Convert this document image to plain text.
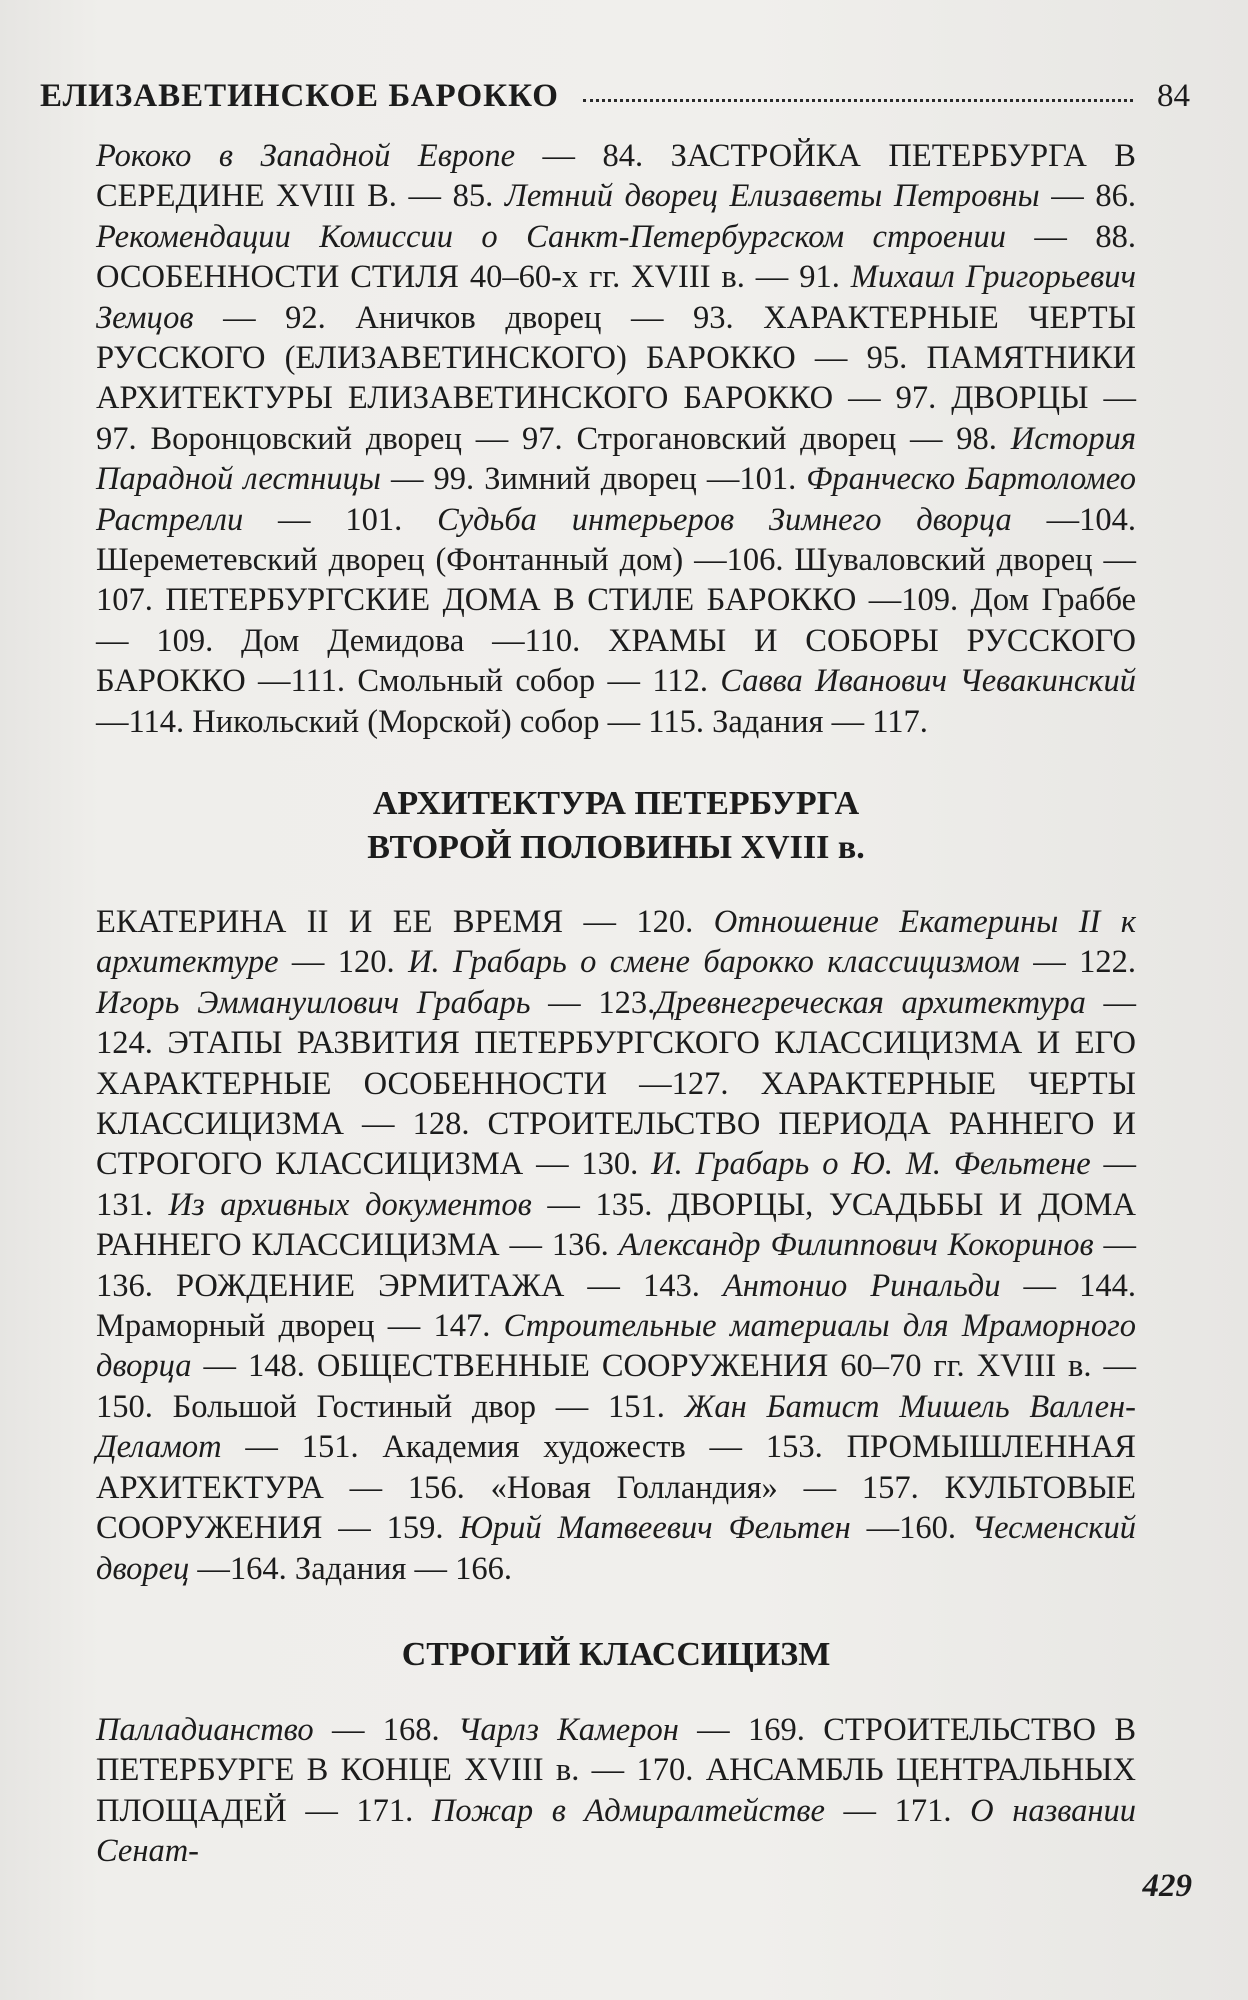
ЕЛИЗАВЕТИНСКОЕ БАРОККО	84
Рококо в Западной Европе — 84. ЗАСТРОЙКА ПЕТЕРБУРГА В СЕРЕДИНЕ XVIII В. — 85. Летний дворец Елизаветы Петровны — 86. Рекомендации Комиссии о Санкт-Петербургском строении — 88. ОСОБЕННОСТИ СТИЛЯ 40–60-х гг. XVIII в. — 91. Михаил Григорьевич Земцов — 92. Аничков дворец — 93. ХАРАКТЕРНЫЕ ЧЕРТЫ РУССКОГО (ЕЛИЗАВЕТИНСКОГО) БАРОККО — 95. ПАМЯТНИКИ АРХИТЕКТУРЫ ЕЛИЗАВЕТИНСКОГО БАРОККО — 97. ДВОРЦЫ — 97. Воронцовский дворец — 97. Строгановский дворец — 98. История Парадной лестницы — 99. Зимний дворец —101. Франческо Бартоломео Растрелли — 101. Судьба интерьеров Зимнего дворца —104. Шереметевский дворец (Фонтанный дом) —106. Шуваловский дворец —107. ПЕТЕРБУРГСКИЕ ДОМА В СТИЛЕ БАРОККО —109. Дом Граббе — 109. Дом Демидова —110. ХРАМЫ И СОБОРЫ РУССКОГО БАРОККО —111. Смольный собор — 112. Савва Иванович Чевакинский —114. Никольский (Морской) собор — 115. Задания — 117.
АРХИТЕКТУРА ПЕТЕРБУРГА
ВТОРОЙ ПОЛОВИНЫ XVIII в.
ЕКАТЕРИНА II И ЕЕ ВРЕМЯ — 120. Отношение Екатерины II к архитектуре — 120. И. Грабарь о смене барокко классицизмом — 122. Игорь Эммануилович Грабарь — 123.Древнегреческая архитектура — 124. ЭТАПЫ РАЗВИТИЯ ПЕТЕРБУРГСКОГО КЛАССИЦИЗМА И ЕГО ХАРАКТЕРНЫЕ ОСОБЕННОСТИ —127. ХАРАКТЕРНЫЕ ЧЕРТЫ КЛАССИЦИЗМА — 128. СТРОИТЕЛЬСТВО ПЕРИОДА РАННЕГО И СТРОГОГО КЛАССИЦИЗМА — 130. И. Грабарь о Ю. М. Фельтене — 131. Из архивных документов — 135. ДВОРЦЫ, УСАДЬБЫ И ДОМА РАННЕГО КЛАССИЦИЗМА — 136. Александр Филиппович Кокоринов — 136. РОЖДЕНИЕ ЭРМИТАЖА — 143. Антонио Ринальди — 144. Мраморный дворец — 147. Строительные материалы для Мраморного дворца — 148. ОБЩЕСТВЕННЫЕ СООРУЖЕНИЯ 60–70 гг. XVIII в. —150. Большой Гостиный двор — 151. Жан Батист Мишель Валлен-Деламот — 151. Академия художеств — 153. ПРОМЫШЛЕННАЯ АРХИТЕКТУРА — 156. «Новая Голландия» — 157. КУЛЬТОВЫЕ СООРУЖЕНИЯ — 159. Юрий Матвеевич Фельтен —160. Чесменский дворец —164. Задания — 166.
СТРОГИЙ КЛАССИЦИЗМ
Палладианство — 168. Чарлз Камерон — 169. СТРОИТЕЛЬСТВО В ПЕТЕРБУРГЕ В КОНЦЕ XVIII в. — 170. АНСАМБЛЬ ЦЕНТРАЛЬНЫХ ПЛОЩАДЕЙ — 171. Пожар в Адмиралтействе — 171. О названии Сенат-
429
